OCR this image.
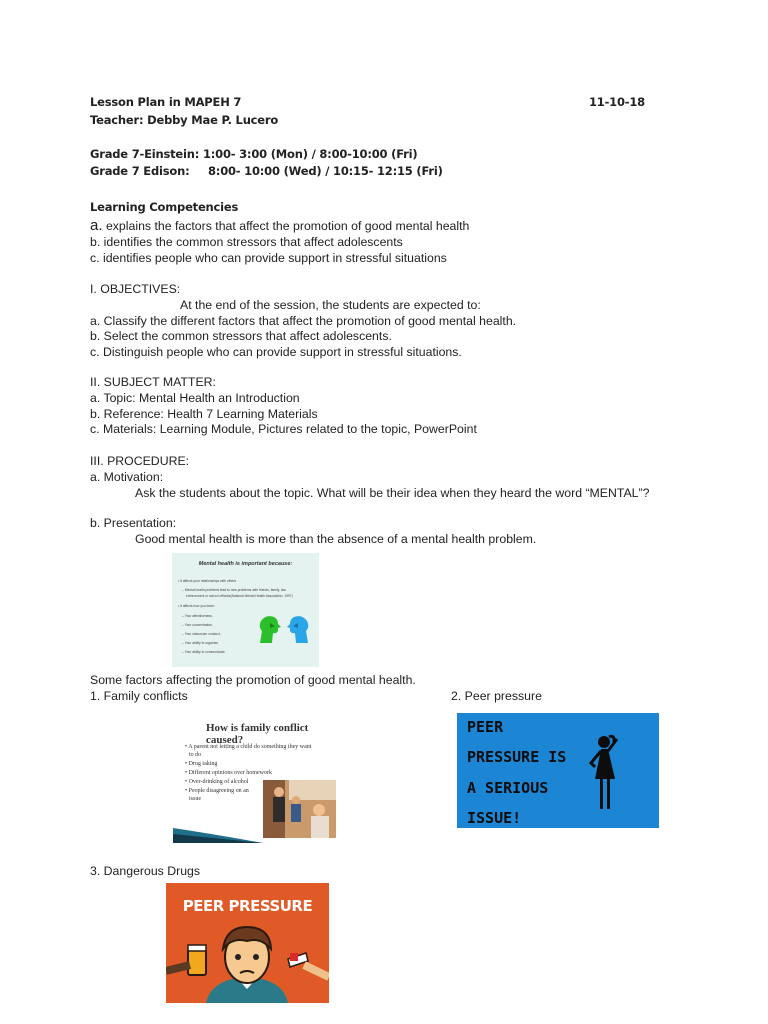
Lesson Plan in MAPEH 7	11-10-18
Teacher: Debby Mae P. Lucero
Grade 7-Einstein: 1:00- 3:00 (Mon) / 8:00-10:00 (Fri)
Grade 7 Edison: 8:00- 10:00 (Wed) / 10:15- 12:15 (Fri)
Learning Competencies
a. explains the factors that affect the promotion of good mental health
b. identifies the common stressors that affect adolescents
c. identifies people who can provide support in stressful situations
I. OBJECTIVES:
At the end of the session, the students are expected to:
a. Classify the different factors that affect the promotion of good mental health.
b. Select the common stressors that affect adolescents.
c. Distinguish people who can provide support in stressful situations.
II. SUBJECT MATTER:
a. Topic: Mental Health an Introduction
b. Reference: Health 7 Learning Materials
c. Materials: Learning Module, Pictures related to the topic, PowerPoint
III. PROCEDURE:
a. Motivation:
Ask the students about the topic. What will be their idea when they heard the word “MENTAL”?
b. Presentation:
Good mental health is more than the absence of a mental health problem.
Mental health is important because:
• It affects your relationships with others
– Mental health problems lead to new problems with friends, family, law
enforcement or school officials(National Mental Health Association, 1997)
• It affects how you learn:
– Your attentiveness,
– Your concentration,
– Your classroom conduct,
– Your ability to organize,
– Your ability to communicate
Some factors affecting the promotion of good mental health.
1. Family conflicts	2. Peer pressure
How is family conflict caused?
• A parent not letting a child do something they want
to do
• Drug taking
• Different opinions over homework
• Over-drinking of alcohol
• People disagreeing on an
issue
PEER
PRESSURE IS
A SERIOUS
ISSUE!
3. Dangerous Drugs
PEER PRESSURE
